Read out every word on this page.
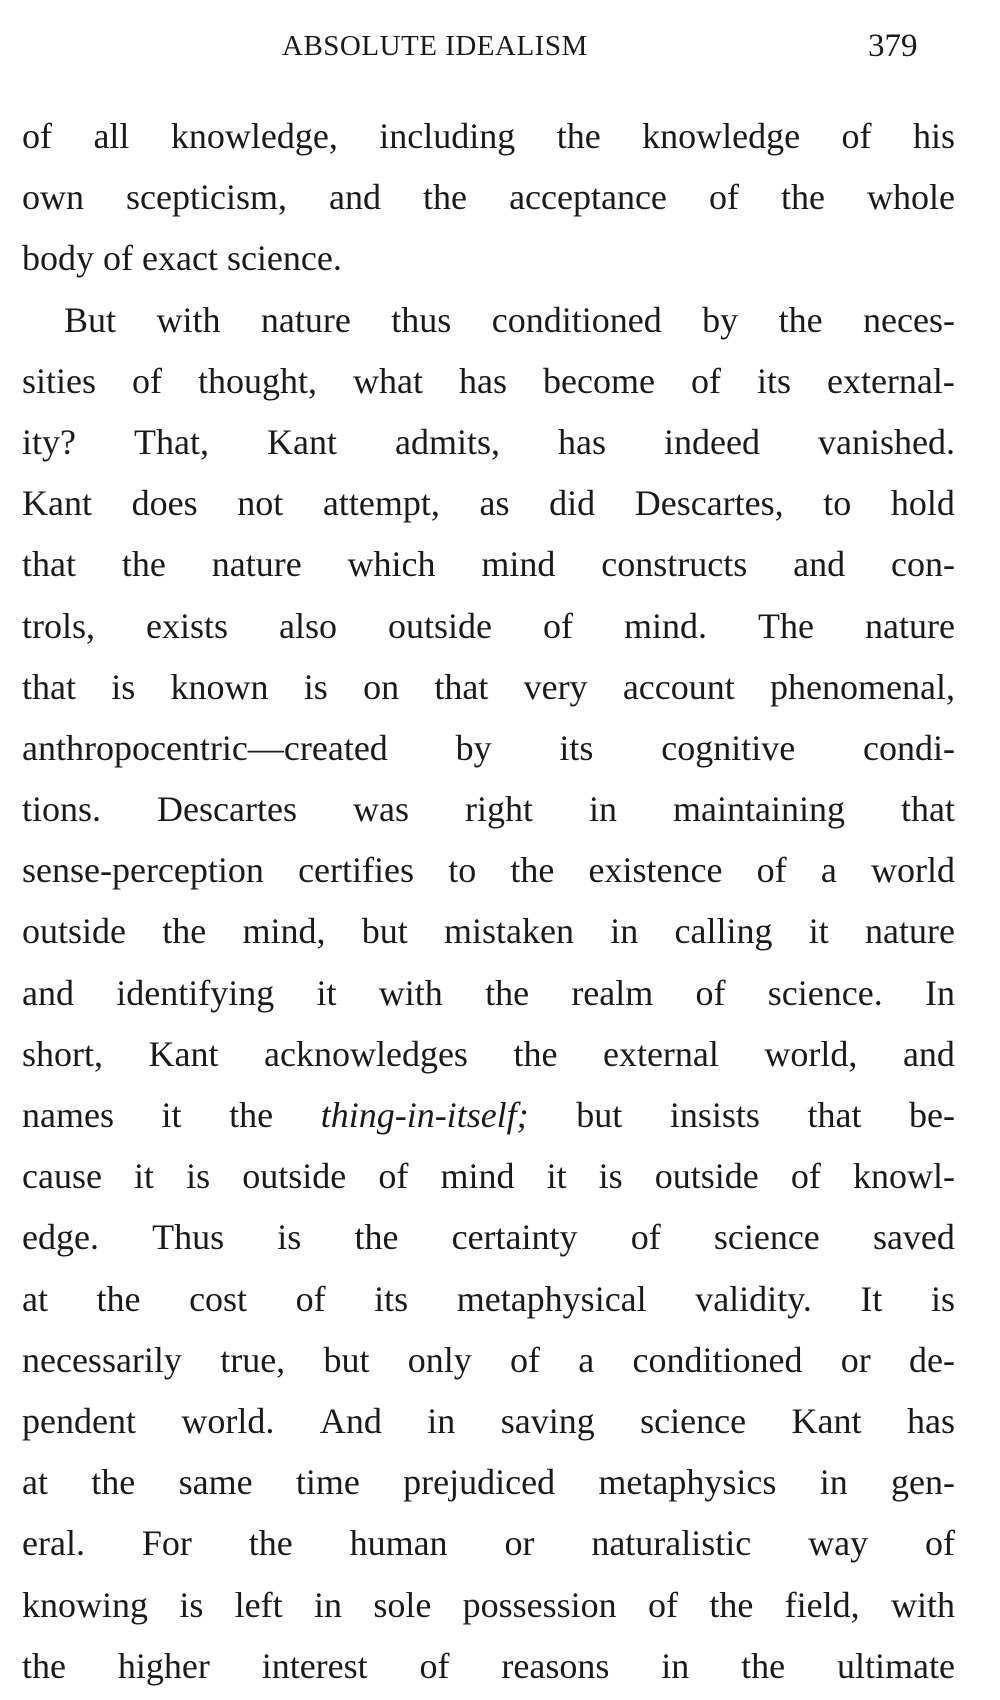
ABSOLUTE IDEALISM	379
of all knowledge, including the knowledge of his
own scepticism, and the acceptance of the whole
body
of
exact
science.
But with nature thus conditioned by the neces-
sities of thought, what has become of its external-
ity? That, Kant admits, has indeed vanished.
Kant does not attempt, as did Descartes, to hold
that the nature which mind constructs and con-
trols, exists also outside of mind. The nature
that is known is on that very account phenomenal,
anthropocentric—created by its cognitive condi-
tions. Descartes was right in maintaining that
sense-perception certifies to the existence of a world
outside the mind, but mistaken in calling it nature
and identifying it with the realm of science. In
short, Kant acknowledges the external world, and
names it the thing-in-itself; but insists that be-
cause it is outside of mind it is outside of knowl-
edge. Thus is the certainty of science saved
at the cost of its metaphysical validity. It is
necessarily true, but only of a conditioned or de-
pendent world. And in saving science Kant has
at the same time prejudiced metaphysics in gen-
eral. For the human or naturalistic way of
knowing is left in sole possession of the field, with
the higher interest of reasons in the ultimate
